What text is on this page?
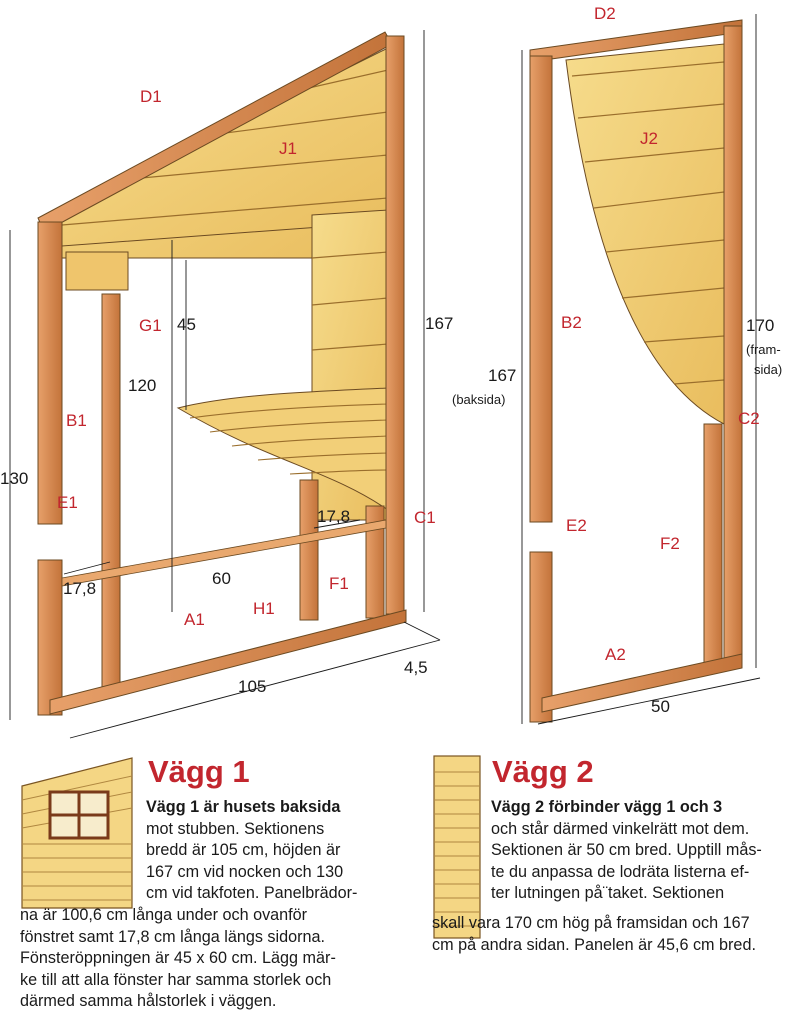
D1
J1
G1
B1
E1
C1
F1
H1
A1
45
120
167
130
17,8
17,8
60
105
4,5
D2
J2
B2
C2
E2
F2
A2
167
(baksida)
170
(fram-
sida)
50
Vägg 1

Vägg 1 är husets baksida
mot stubben. Sektionens
bredd är 105 cm, höjden är
167 cm vid nocken och 130
cm vid takfoten. Panelbrädor-

na är 100,6 cm långa under och ovanför
fönstret samt 17,8 cm långa längs sidorna.
Fönsteröppningen är 45 x 60 cm. Lägg mär-
ke till att alla fönster har samma storlek och
därmed samma hålstorlek i väggen.

Vägg 2

Vägg 2 förbinder vägg 1 och 3
och står därmed vinkelrätt mot dem.
Sektionen är 50 cm bred. Upptill mås-
te du anpassa de lodräta listerna ef-
ter lutningen på¨taket. Sektionen

skall vara 170 cm hög på framsidan och 167
cm på andra sidan. Panelen är 45,6 cm bred.
